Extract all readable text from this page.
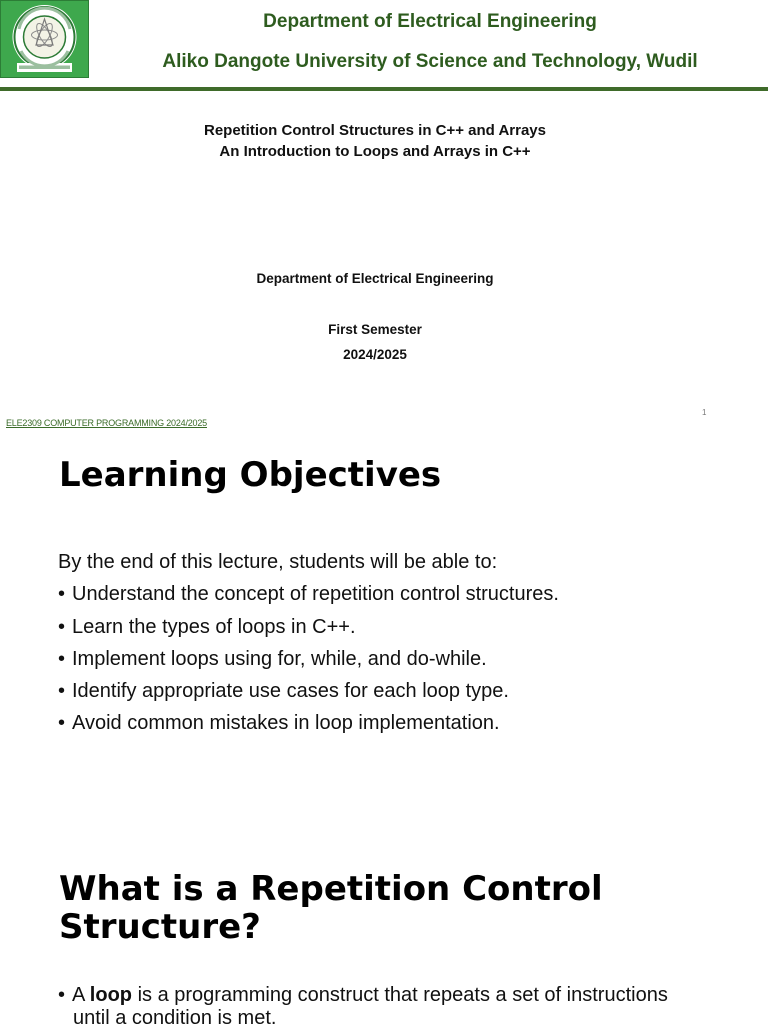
Department of Electrical Engineering
Aliko Dangote University of Science and Technology, Wudil
Repetition Control Structures in C++ and Arrays
An Introduction to Loops and Arrays in C++
Department of Electrical Engineering
First Semester
2024/2025
1
ELE2309 COMPUTER PROGRAMMING 2024/2025
Learning Objectives
By the end of this lecture, students will be able to:
• Understand the concept of repetition control structures.
• Learn the types of loops in C++.
• Implement loops using for, while, and do-while.
• Identify appropriate use cases for each loop type.
• Avoid common mistakes in loop implementation.
What is a Repetition Control
Structure?
• A loop is a programming construct that repeats a set of instructions
until a condition is met.
